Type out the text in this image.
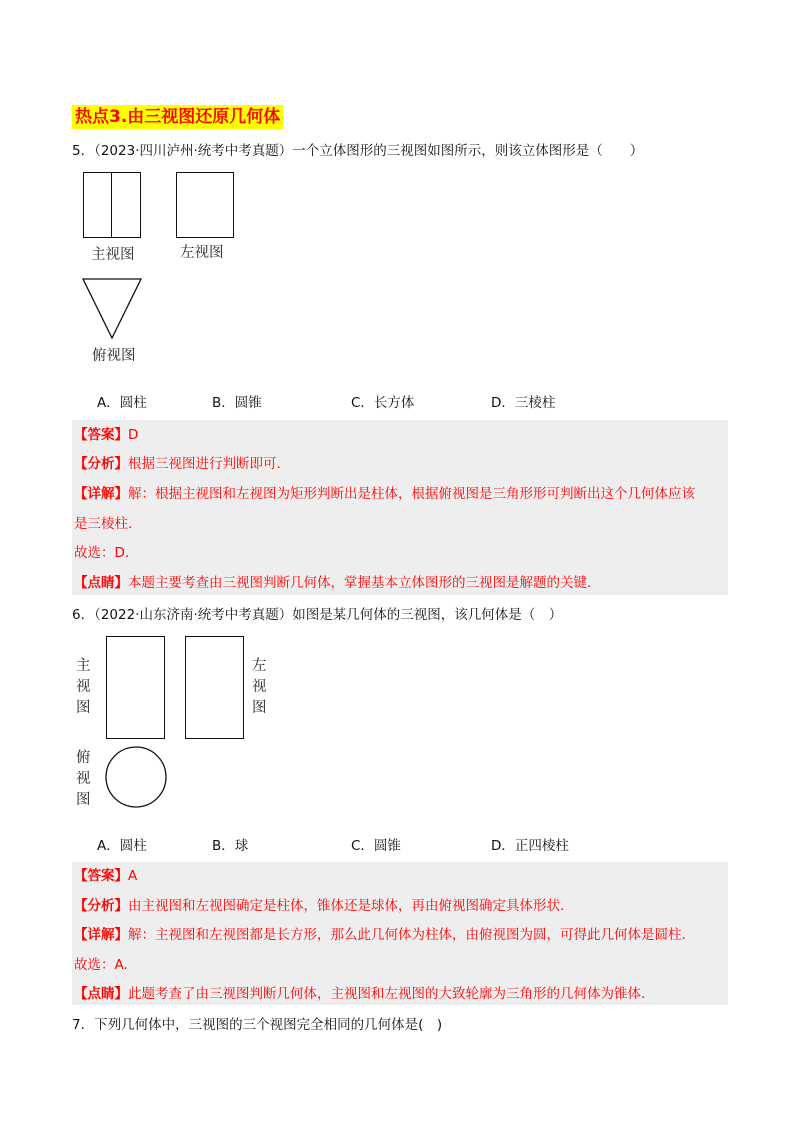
热点3.由三视图还原几何体
5．（2023·四川泸州·统考中考真题）一个立体图形的三视图如图所示，则该立体图形是（　　）
主视图	左视图
俯视图
A．圆柱	B．圆锥	C．长方体	D．三棱柱
【答案】D
【分析】根据三视图进行判断即可.
【详解】解：根据主视图和左视图为矩形判断出是柱体，根据俯视图是三角形形可判断出这个几何体应该
是三棱柱.
故选：D.
【点睛】本题主要考查由三视图判断几何体，掌握基本立体图形的三视图是解题的关键.
6．（2022·山东济南·统考中考真题）如图是某几何体的三视图，该几何体是（　）
主
视
图
左
视
图
俯
视
图
A．圆柱	B．球	C．圆锥	D．正四棱柱
【答案】A
【分析】由主视图和左视图确定是柱体，锥体还是球体，再由俯视图确定具体形状.
【详解】解：主视图和左视图都是长方形，那么此几何体为柱体，由俯视图为圆，可得此几何体是圆柱.
故选：A.
【点睛】此题考查了由三视图判断几何体，主视图和左视图的大致轮廓为三角形的几何体为锥体.
7．下列几何体中，三视图的三个视图完全相同的几何体是(　)
